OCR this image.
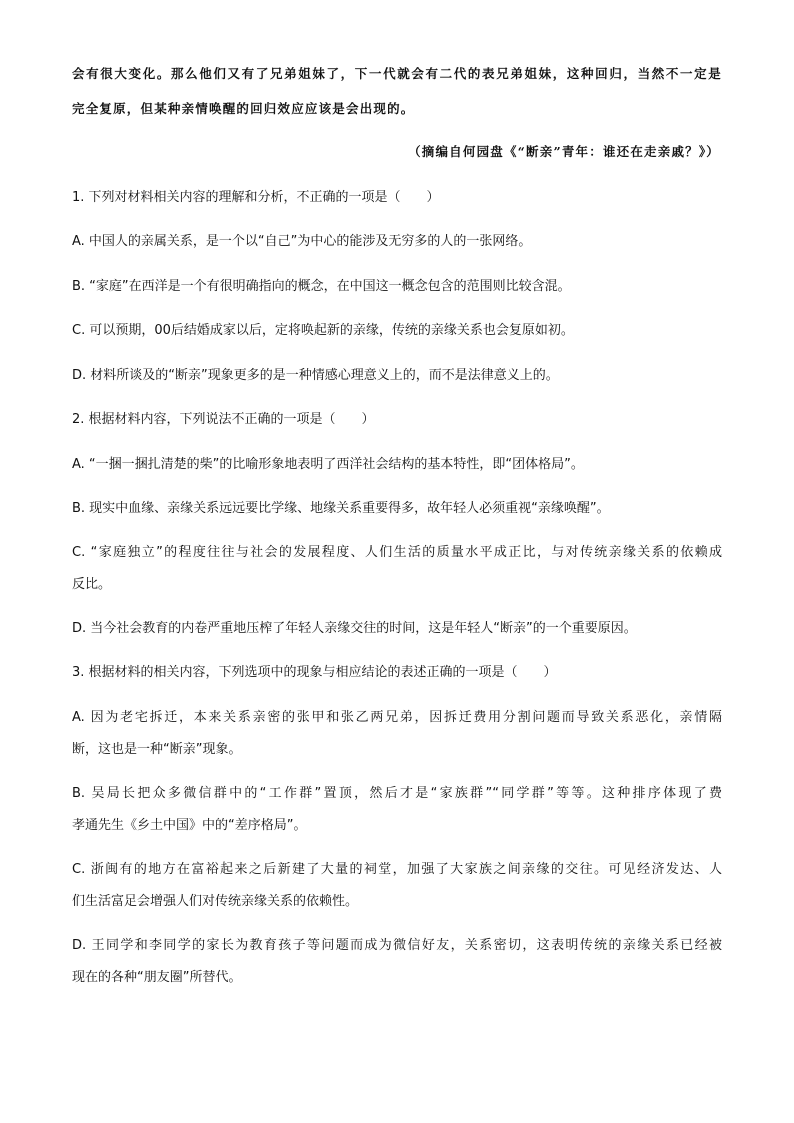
会有很大变化。那么他们又有了兄弟姐妹了，下一代就会有二代的表兄弟姐妹，这种回归，当然不一定是
完全复原，但某种亲情唤醒的回归效应应该是会出现的。
（摘编自何园盘《“断亲”青年：谁还在走亲戚？》）
1. 下列对材料相关内容的理解和分析，不正确的一项是（　　）
A. 中国人的亲属关系，是一个以“自己”为中心的能涉及无穷多的人的一张网络。
B. “家庭”在西洋是一个有很明确指向的概念，在中国这一概念包含的范围则比较含混。
C. 可以预期，00后结婚成家以后，定将唤起新的亲缘，传统的亲缘关系也会复原如初。
D. 材料所谈及的“断亲”现象更多的是一种情感心理意义上的，而不是法律意义上的。
2. 根据材料内容，下列说法不正确的一项是（　　）
A. “一捆一捆扎清楚的柴”的比喻形象地表明了西洋社会结构的基本特性，即“团体格局”。
B. 现实中血缘、亲缘关系远远要比学缘、地缘关系重要得多，故年轻人必须重视“亲缘唤醒”。
C. “家庭独立”的程度往往与社会的发展程度、人们生活的质量水平成正比，与对传统亲缘关系的依赖成
反比。
D. 当今社会教育的内卷严重地压榨了年轻人亲缘交往的时间，这是年轻人“断亲”的一个重要原因。
3. 根据材料的相关内容，下列选项中的现象与相应结论的表述正确的一项是（　　）
A. 因为老宅拆迁，本来关系亲密的张甲和张乙两兄弟，因拆迁费用分割问题而导致关系恶化，亲情隔
断，这也是一种“断亲”现象。
B. 吴局长把众多微信群中的“工作群”置顶，然后才是“家族群”“同学群”等等。这种排序体现了费
孝通先生《乡土中国》中的“差序格局”。
C. 浙闽有的地方在富裕起来之后新建了大量的祠堂，加强了大家族之间亲缘的交往。可见经济发达、人
们生活富足会增强人们对传统亲缘关系的依赖性。
D. 王同学和李同学的家长为教育孩子等问题而成为微信好友，关系密切，这表明传统的亲缘关系已经被
现在的各种“朋友圈”所替代。
